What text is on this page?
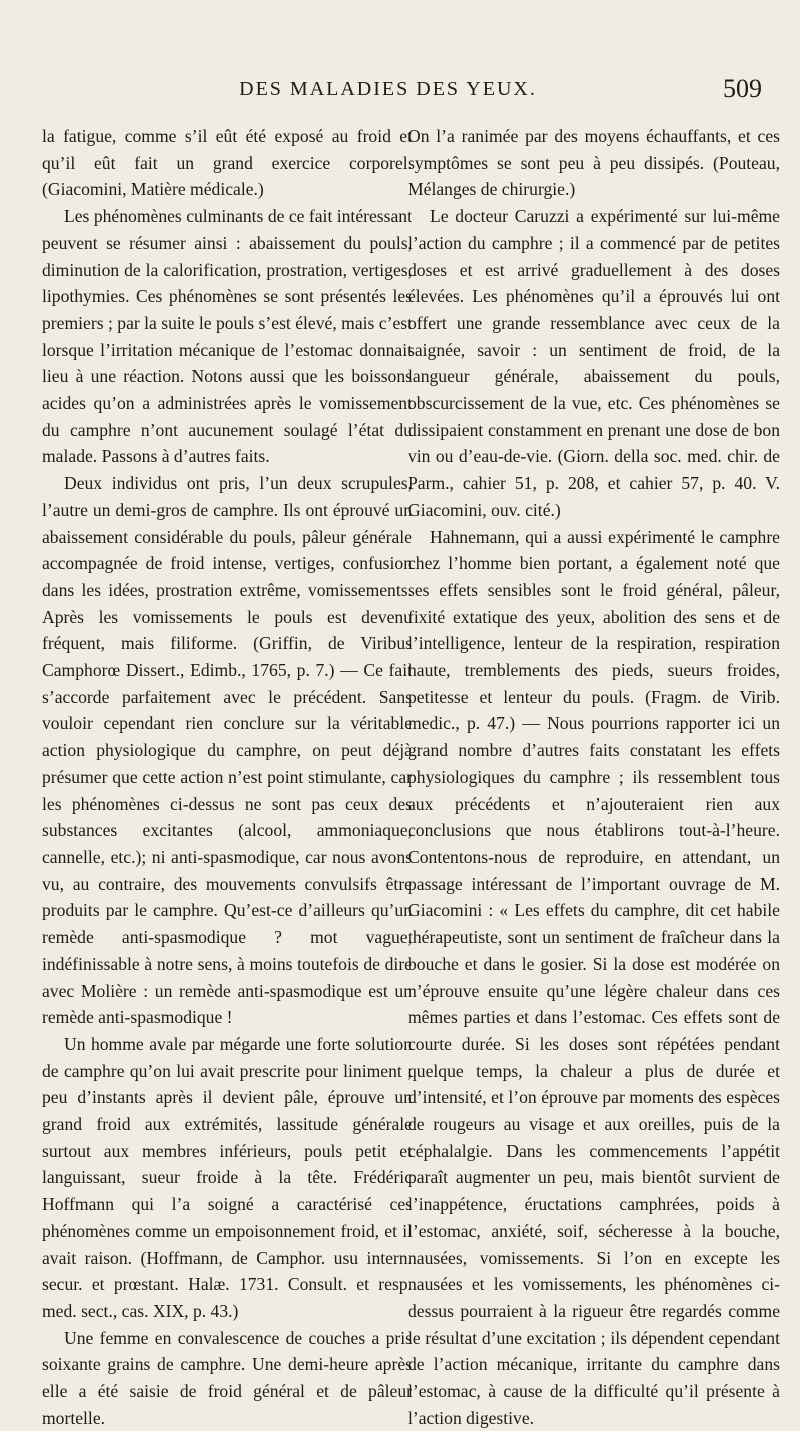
DES MALADIES DES YEUX.	509

la fatigue, comme s’il eût été exposé au froid et qu’il eût fait un grand exercice corporel. (Giacomini, Matière médicale.)

Les phénomènes culminants de ce fait intéressant peuvent se résumer ainsi : abaissement du pouls, diminution de la calorification, prostration, vertiges, lipothymies. Ces phénomènes se sont présentés les premiers ; par la suite le pouls s’est élevé, mais c’est lorsque l’irritation mécanique de l’estomac donnait lieu à une réaction. Notons aussi que les boissons acides qu’on a administrées après le vomissement du camphre n’ont aucunement soulagé l’état du malade. Passons à d’autres faits.

Deux individus ont pris, l’un deux scrupules, l’autre un demi-gros de camphre. Ils ont éprouvé un abaissement considérable du pouls, pâleur générale accompagnée de froid intense, vertiges, confusion dans les idées, prostration extrême, vomissements. Après les vomissements le pouls est devenu fréquent, mais filiforme. (Griffin, de Viribus Camphorœ Dissert., Edimb., 1765, p. 7.) — Ce fait s’accorde parfaitement avec le précédent. Sans vouloir cependant rien conclure sur la véritable action physiologique du camphre, on peut déjà présumer que cette action n’est point stimulante, car les phénomènes ci-dessus ne sont pas ceux des substances excitantes (alcool, ammoniaque, cannelle, etc.); ni anti-spasmodique, car nous avons vu, au contraire, des mouvements convulsifs être produits par le camphre. Qu’est-ce d’ailleurs qu’un remède anti-spasmodique ? mot vague, indéfinissable à notre sens, à moins toutefois de dire avec Molière : un remède anti-spasmodique est un remède anti-spasmodique !

Un homme avale par mégarde une forte solution de camphre qu’on lui avait prescrite pour liniment ; peu d’instants après il devient pâle, éprouve un grand froid aux extrémités, lassitude générale surtout aux membres inférieurs, pouls petit et languissant, sueur froide à la tête. Frédéric Hoffmann qui l’a soigné a caractérisé ces phénomènes comme un empoisonnement froid, et il avait raison. (Hoffmann, de Camphor. usu intern. secur. et prœstant. Halæ. 1731. Consult. et resp. med. sect., cas. XIX, p. 43.)

Une femme en convalescence de couches a pris soixante grains de camphre. Une demi-heure après elle a été saisie de froid général et de pâleur mortelle.

On l’a ranimée par des moyens échauffants, et ces symptômes se sont peu à peu dissipés. (Pouteau, Mélanges de chirurgie.)

Le docteur Caruzzi a expérimenté sur lui-même l’action du camphre ; il a commencé par de petites doses et est arrivé graduellement à des doses élevées. Les phénomènes qu’il a éprouvés lui ont offert une grande ressemblance avec ceux de la saignée, savoir : un sentiment de froid, de la langueur générale, abaissement du pouls, obscurcissement de la vue, etc. Ces phénomènes se dissipaient constamment en prenant une dose de bon vin ou d’eau-de-vie. (Giorn. della soc. med. chir. de Parm., cahier 51, p. 208, et cahier 57, p. 40. V. Giacomini, ouv. cité.)

Hahnemann, qui a aussi expérimenté le camphre chez l’homme bien portant, a également noté que ses effets sensibles sont le froid général, pâleur, fixité extatique des yeux, abolition des sens et de l’intelligence, lenteur de la respiration, respiration haute, tremblements des pieds, sueurs froides, petitesse et lenteur du pouls. (Fragm. de Virib. medic., p. 47.) — Nous pourrions rapporter ici un grand nombre d’autres faits constatant les effets physiologiques du camphre ; ils ressemblent tous aux précédents et n’ajouteraient rien aux conclusions que nous établirons tout-à-l’heure. Contentons-nous de reproduire, en attendant, un passage intéressant de l’important ouvrage de M. Giacomini : « Les effets du camphre, dit cet habile thérapeutiste, sont un sentiment de fraîcheur dans la bouche et dans le gosier. Si la dose est modérée on n’éprouve ensuite qu’une légère chaleur dans ces mêmes parties et dans l’estomac. Ces effets sont de courte durée. Si les doses sont répétées pendant quelque temps, la chaleur a plus de durée et d’intensité, et l’on éprouve par moments des espèces de rougeurs au visage et aux oreilles, puis de la céphalalgie. Dans les commencements l’appétit paraît augmenter un peu, mais bientôt survient de l’inappétence, éructations camphrées, poids à l’estomac, anxiété, soif, sécheresse à la bouche, nausées, vomissements. Si l’on en excepte les nausées et les vomissements, les phénomènes ci-dessus pourraient à la rigueur être regardés comme le résultat d’une excitation ; ils dépendent cependant de l’action mécanique, irritante du camphre dans l’estomac, à cause de la difficulté qu’il présente à l’action digestive.
